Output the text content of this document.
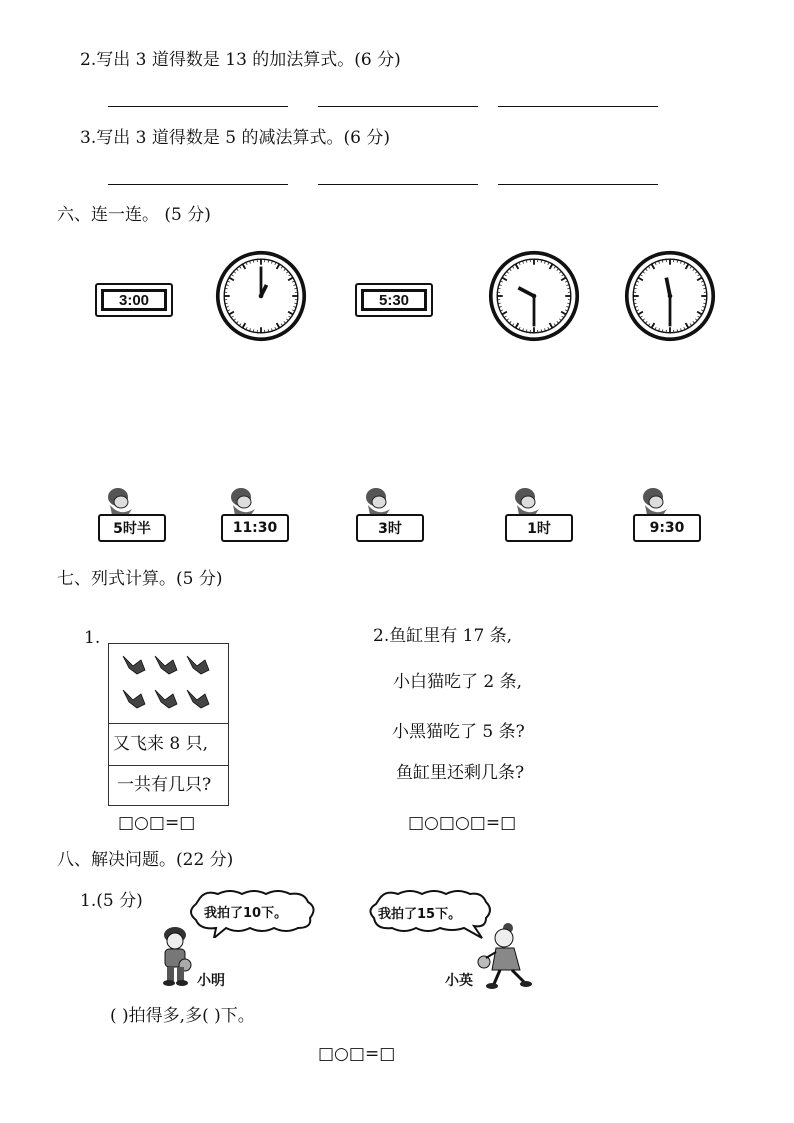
2.写出 3 道得数是 13 的加法算式。(6 分)
3.写出 3 道得数是 5 的减法算式。(6 分)
六、连一连。 (5 分)
3:00	5:30
5时半	11:30	3时	1时	9:30
七、列式计算。(5 分)
1.
又飞来 8 只,
一共有几只?
□○□=□
2.鱼缸里有 17 条,
小白猫吃了 2 条,
小黑猫吃了 5 条?
鱼缸里还剩几条?
□○□○□=□
八、解决问题。(22 分)
1.(5 分)
我拍了10下。	我拍了15下。
小明	小英
( )拍得多,多( )下。
□○□=□
